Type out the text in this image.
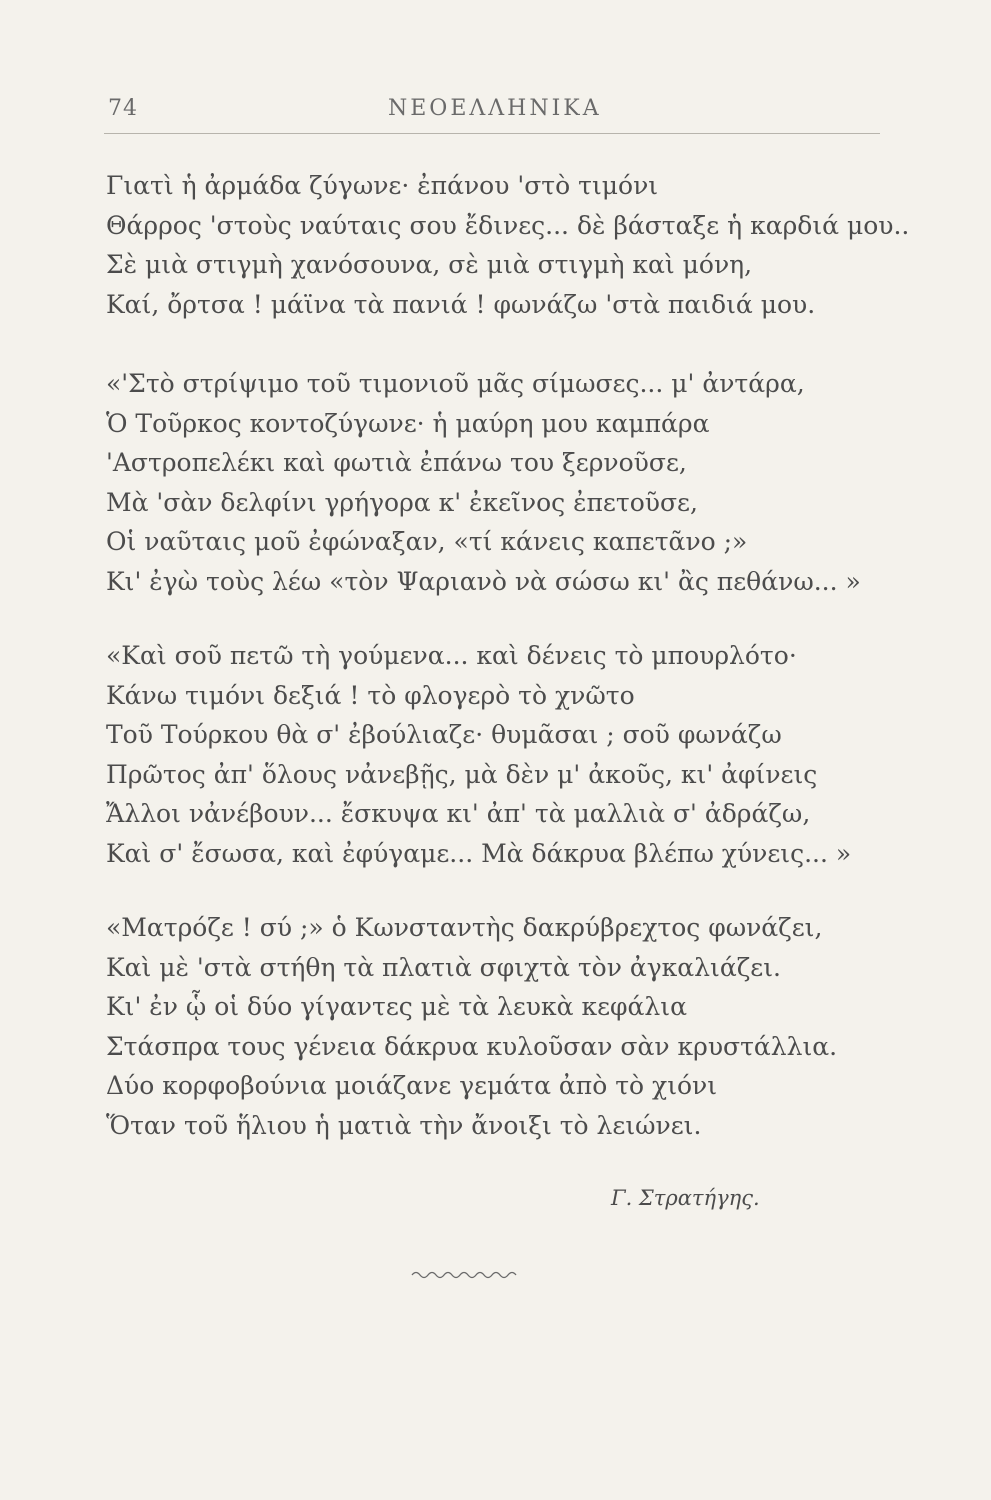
74	ΝΕΟΕΛΛΗΝΙΚΑ
Γιατὶ ἡ ἀρμάδα ζύγωνε· ἐπάνου 'στὸ τιμόνι
Θάρρος 'στοὺς ναύταις σου ἔδινες... δὲ βάσταξε ἡ καρδιά μου..
Σὲ μιὰ στιγμὴ χανόσουνα, σὲ μιὰ στιγμὴ καὶ μόνη,
Καί, ὄρτσα ! μάϊνα τὰ πανιά ! φωνάζω 'στὰ παιδιά μου.
«'Στὸ στρίψιμο τοῦ τιμονιοῦ μᾶς σίμωσες... μ' ἀντάρα,
Ὁ Τοῦρκος κοντοζύγωνε· ἡ μαύρη μου καμπάρα
'Αστροπελέκι καὶ φωτιὰ ἐπάνω του ξερνοῦσε,
Μὰ 'σὰν δελφίνι γρήγορα κ' ἐκεῖνος ἐπετοῦσε,
Οἱ ναῦταις μοῦ ἐφώναξαν, «τί κάνεις καπετᾶνο ;»
Κι' ἐγὼ τοὺς λέω «τὸν Ψαριανὸ νὰ σώσω κι' ἂς πεθάνω... »
«Καὶ σοῦ πετῶ τὴ γούμενα... καὶ δένεις τὸ μπουρλότο·
Κάνω τιμόνι δεξιά ! τὸ φλογερὸ τὸ χνῶτο
Τοῦ Τούρκου θὰ σ' ἐβούλιαζε· θυμᾶσαι ; σοῦ φωνάζω
Πρῶτος ἀπ' ὅλους νἀνεβῇς, μὰ δὲν μ' ἀκοῦς, κι' ἀφίνεις
Ἄλλοι νἀνέβουν... ἔσκυψα κι' ἀπ' τὰ μαλλιὰ σ' ἀδράζω,
Καὶ σ' ἔσωσα, καὶ ἐφύγαμε... Μὰ δάκρυα βλέπω χύνεις... »
«Ματρόζε ! σύ ;» ὁ Κωνσταντὴς δακρύβρεχτος φωνάζει,
Καὶ μὲ 'στὰ στήθη τὰ πλατιὰ σφιχτὰ τὸν ἀγκαλιάζει.
Κι' ἐν ᾧ οἱ δύο γίγαντες μὲ τὰ λευκὰ κεφάλια
Στάσπρα τους γένεια δάκρυα κυλοῦσαν σὰν κρυστάλλια.
Δύο κορφοβούνια μοιάζανε γεμάτα ἀπὸ τὸ χιόνι
Ὅταν τοῦ ἥλιου ἡ ματιὰ τὴν ἄνοιξι τὸ λειώνει.
Γ. Στρατήγης.
